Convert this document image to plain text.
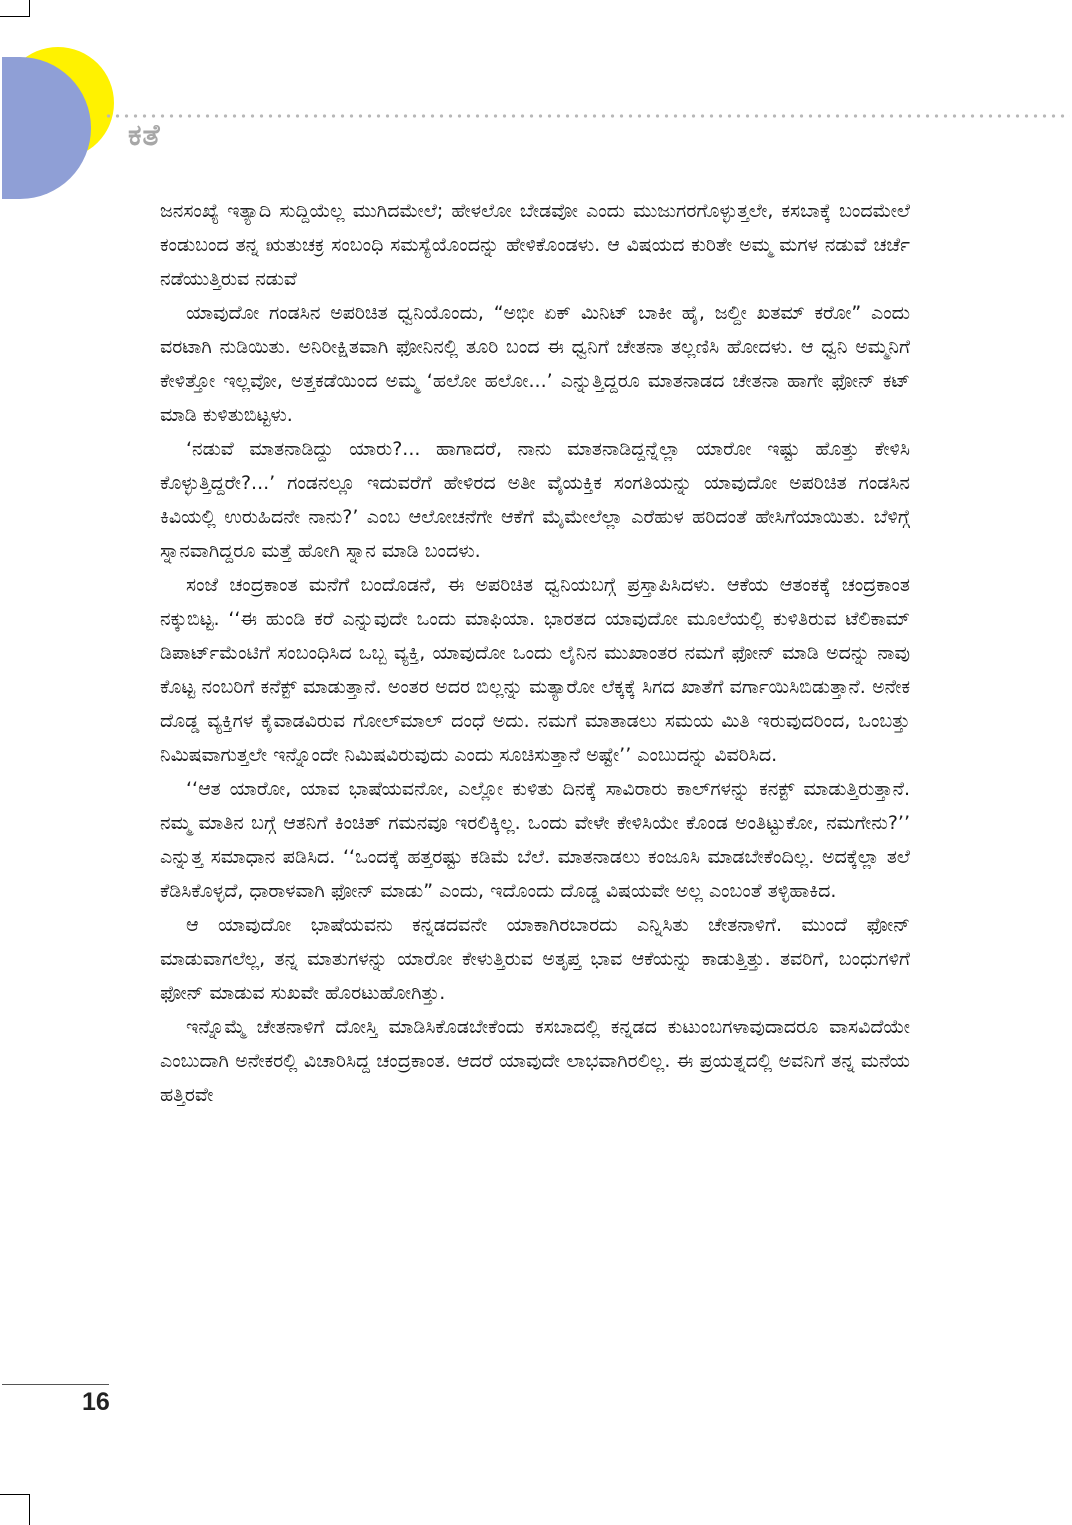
ಕತೆ

ಜನಸಂಖ್ಯೆ ಇತ್ಯಾದಿ ಸುದ್ದಿಯೆಲ್ಲ ಮುಗಿದಮೇಲೆ; ಹೇಳಲೋ ಬೇಡವೋ ಎಂದು ಮುಜುಗರಗೊಳ್ಳುತ್ತಲೇ, ಕಸಬಾಕ್ಕೆ ಬಂದಮೇಲೆ ಕಂಡುಬಂದ ತನ್ನ ಋತುಚಕ್ರ ಸಂಬಂಧಿ ಸಮಸ್ಯೆಯೊಂದನ್ನು ಹೇಳಿಕೊಂಡಳು. ಆ ವಿಷಯದ ಕುರಿತೇ ಅಮ್ಮ ಮಗಳ ನಡುವೆ ಚರ್ಚೆ ನಡೆಯುತ್ತಿರುವ ನಡುವೆ

ಯಾವುದೋ ಗಂಡಸಿನ ಅಪರಿಚಿತ ಧ್ವನಿಯೊಂದು, “ಅಭೀ ಏಕ್ ಮಿನಿಟ್ ಬಾಕೀ ಹೈ, ಜಲ್ದೀ ಖತಮ್ ಕರೋ” ಎಂದು ವರಟಾಗಿ ನುಡಿಯಿತು. ಅನಿರೀಕ್ಷಿತವಾಗಿ ಫೋನಿನಲ್ಲಿ ತೂರಿ ಬಂದ ಈ ಧ್ವನಿಗೆ ಚೇತನಾ ತಲ್ಲಣಿಸಿ ಹೋದಳು. ಆ ಧ್ವನಿ ಅಮ್ಮನಿಗೆ ಕೇಳಿತ್ತೋ ಇಲ್ಲವೋ, ಅತ್ತಕಡೆಯಿಂದ ಅಮ್ಮ ‘ಹಲೋ ಹಲೋ...’ ಎನ್ನುತ್ತಿದ್ದರೂ ಮಾತನಾಡದ ಚೇತನಾ ಹಾಗೇ ಫೋನ್ ಕಟ್ ಮಾಡಿ ಕುಳಿತುಬಿಟ್ಟಳು.

‘ನಡುವೆ ಮಾತನಾಡಿದ್ದು ಯಾರು?... ಹಾಗಾದರೆ, ನಾನು ಮಾತನಾಡಿದ್ದನ್ನೆಲ್ಲಾ ಯಾರೋ ಇಷ್ಟು ಹೊತ್ತು ಕೇಳಿಸಿ ಕೊಳ್ಳುತ್ತಿದ್ದರೇ?...’ ಗಂಡನಲ್ಲೂ ಇದುವರೆಗೆ ಹೇಳಿರದ ಅತೀ ವೈಯಕ್ತಿಕ ಸಂಗತಿಯನ್ನು ಯಾವುದೋ ಅಪರಿಚಿತ ಗಂಡಸಿನ ಕಿವಿಯಲ್ಲಿ ಉರುಹಿದನೇ ನಾನು?’ ಎಂಬ ಆಲೋಚನೆಗೇ ಆಕೆಗೆ ಮೈಮೇಲೆಲ್ಲಾ ಎರೆಹುಳ ಹರಿದಂತೆ ಹೇಸಿಗೆಯಾಯಿತು. ಬೆಳಿಗ್ಗೆ ಸ್ನಾನವಾಗಿದ್ದರೂ ಮತ್ತೆ ಹೋಗಿ ಸ್ನಾನ ಮಾಡಿ ಬಂದಳು.

ಸಂಜೆ ಚಂದ್ರಕಾಂತ ಮನೆಗೆ ಬಂದೊಡನೆ, ಈ ಅಪರಿಚಿತ ಧ್ವನಿಯಬಗ್ಗೆ ಪ್ರಸ್ತಾಪಿಸಿದಳು. ಆಕೆಯ ಆತಂಕಕ್ಕೆ ಚಂದ್ರಕಾಂತ ನಕ್ಕುಬಿಟ್ಟ. ‘‘ಈ ಹುಂಡಿ ಕರೆ ಎನ್ನುವುದೇ ಒಂದು ಮಾಫಿಯಾ. ಭಾರತದ ಯಾವುದೋ ಮೂಲೆಯಲ್ಲಿ ಕುಳಿತಿರುವ ಟೆಲಿಕಾಮ್ ಡಿಪಾರ್ಟ್‌ಮೆಂಟಿಗೆ ಸಂಬಂಧಿಸಿದ ಒಬ್ಬ ವ್ಯಕ್ತಿ, ಯಾವುದೋ ಒಂದು ಲೈನಿನ ಮುಖಾಂತರ ನಮಗೆ ಫೋನ್ ಮಾಡಿ ಅದನ್ನು ನಾವು ಕೊಟ್ಟ ನಂಬರಿಗೆ ಕನೆಕ್ಟ್ ಮಾಡುತ್ತಾನೆ. ಅಂತರ ಅದರ ಬಿಲ್ಲನ್ನು ಮತ್ಯಾರೋ ಲೆಕ್ಕಕ್ಕೆ ಸಿಗದ ಖಾತೆಗೆ ವರ್ಗಾಯಿಸಿಬಿಡುತ್ತಾನೆ. ಅನೇಕ ದೊಡ್ಡ ವ್ಯಕ್ತಿಗಳ ಕೈವಾಡವಿರುವ ಗೋಲ್‌ಮಾಲ್ ದಂಧೆ ಅದು. ನಮಗೆ ಮಾತಾಡಲು ಸಮಯ ಮಿತಿ ಇರುವುದರಿಂದ, ಒಂಬತ್ತು ನಿಮಿಷವಾಗುತ್ತಲೇ ಇನ್ನೊಂದೇ ನಿಮಿಷವಿರುವುದು ಎಂದು ಸೂಚಿಸುತ್ತಾನೆ ಅಷ್ಟೇ’’ ಎಂಬುದನ್ನು ವಿವರಿಸಿದ.

‘‘ಆತ ಯಾರೋ, ಯಾವ ಭಾಷೆಯವನೋ, ಎಲ್ಲೋ ಕುಳಿತು ದಿನಕ್ಕೆ ಸಾವಿರಾರು ಕಾಲ್‌ಗಳನ್ನು ಕನಕ್ಟ್ ಮಾಡುತ್ತಿರುತ್ತಾನೆ. ನಮ್ಮ ಮಾತಿನ ಬಗ್ಗೆ ಆತನಿಗೆ ಕಿಂಚಿತ್ ಗಮನವೂ ಇರಲಿಕ್ಕಿಲ್ಲ. ಒಂದು ವೇಳೇ ಕೇಳಿಸಿಯೇ ಕೊಂಡ ಅಂತಿಟ್ಟುಕೋ, ನಮಗೇನು?’’ ಎನ್ನುತ್ತ ಸಮಾಧಾನ ಪಡಿಸಿದ. ‘‘ಒಂದಕ್ಕೆ ಹತ್ತರಷ್ಟು ಕಡಿಮೆ ಬೆಲೆ. ಮಾತನಾಡಲು ಕಂಜೂಸಿ ಮಾಡಬೇಕೆಂದಿಲ್ಲ. ಅದಕ್ಕೆಲ್ಲಾ ತಲೆ ಕೆಡಿಸಿಕೊಳ್ಳದೆ, ಧಾರಾಳವಾಗಿ ಫೋನ್ ಮಾಡು” ಎಂದು, ಇದೊಂದು ದೊಡ್ಡ ವಿಷಯವೇ ಅಲ್ಲ ಎಂಬಂತೆ ತಳ್ಳಿಹಾಕಿದ.

ಆ ಯಾವುದೋ ಭಾಷೆಯವನು ಕನ್ನಡದವನೇ ಯಾಕಾಗಿರಬಾರದು ಎನ್ನಿಸಿತು ಚೇತನಾಳಿಗೆ. ಮುಂದೆ ಫೋನ್ ಮಾಡುವಾಗಲೆಲ್ಲ, ತನ್ನ ಮಾತುಗಳನ್ನು ಯಾರೋ ಕೇಳುತ್ತಿರುವ ಅತೃಪ್ತ ಭಾವ ಆಕೆಯನ್ನು ಕಾಡುತ್ತಿತ್ತು. ತವರಿಗೆ, ಬಂಧುಗಳಿಗೆ ಫೋನ್ ಮಾಡುವ ಸುಖವೇ ಹೊರಟುಹೋಗಿತ್ತು.

ಇನ್ನೊಮ್ಮೆ ಚೇತನಾಳಿಗೆ ದೋಸ್ತಿ ಮಾಡಿಸಿಕೊಡಬೇಕೆಂದು ಕಸಬಾದಲ್ಲಿ ಕನ್ನಡದ ಕುಟುಂಬಗಳಾವುದಾದರೂ ವಾಸವಿದೆಯೇ ಎಂಬುದಾಗಿ ಅನೇಕರಲ್ಲಿ ವಿಚಾರಿಸಿದ್ದ ಚಂದ್ರಕಾಂತ. ಆದರೆ ಯಾವುದೇ ಲಾಭವಾಗಿರಲಿಲ್ಲ. ಈ ಪ್ರಯತ್ನದಲ್ಲಿ ಅವನಿಗೆ ತನ್ನ ಮನೆಯ ಹತ್ತಿರವೇ

16
